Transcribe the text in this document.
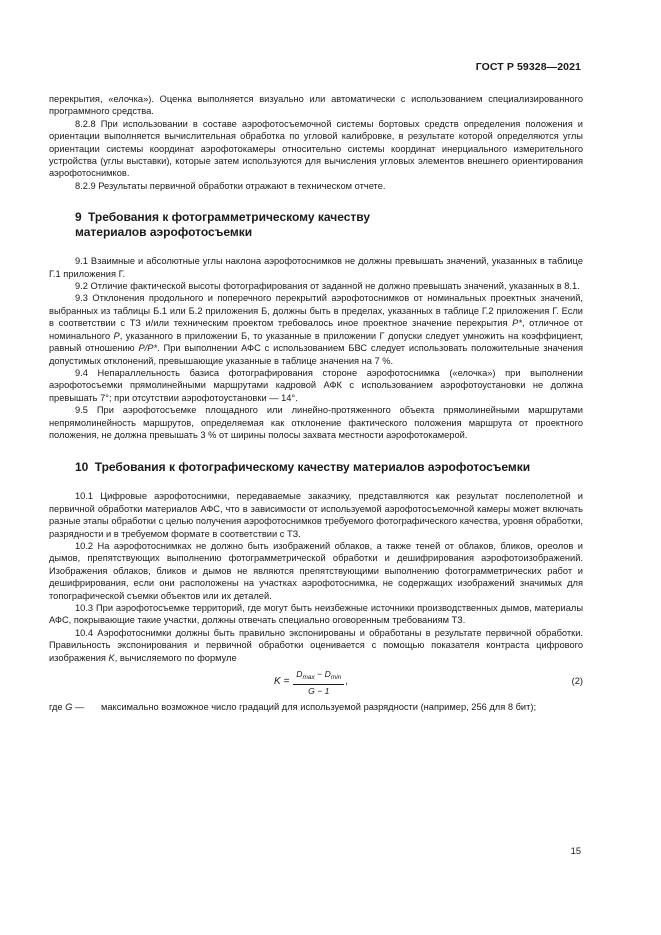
ГОСТ Р 59328—2021

перекрытия, «елочка»). Оценка выполняется визуально или автоматически с использованием специализированного программного средства.

8.2.8 При использовании в составе аэрофотосъемочной системы бортовых средств определения положения и ориентации выполняется вычислительная обработка по угловой калибровке, в результате которой определяются углы ориентации системы координат аэрофотокамеры относительно системы координат инерциального измерительного устройства (углы выставки), которые затем используются для вычисления угловых элементов внешнего ориентирования аэрофотоснимков.

8.2.9 Результаты первичной обработки отражают в техническом отчете.

9 Требования к фотограмметрическому качеству
материалов аэрофотосъемки

9.1 Взаимные и абсолютные углы наклона аэрофотоснимков не должны превышать значений, указанных в таблице Г.1 приложения Г.

9.2 Отличие фактической высоты фотографирования от заданной не должно превышать значений, указанных в 8.1.

9.3 Отклонения продольного и поперечного перекрытий аэрофотоснимков от номинальных проектных значений, выбранных из таблицы Б.1 или Б.2 приложения Б, должны быть в пределах, указанных в таблице Г.2 приложения Г. Если в соответствии с ТЗ и/или техническим проектом требовалось иное проектное значение перекрытия P*, отличное от номинального P, указанного в приложении Б, то указанные в приложении Г допуски следует умножить на коэффициент, равный отношению P/P*. При выполнении АФС с использованием БВС следует использовать положительные значения допустимых отклонений, превышающие указанные в таблице значения на 7 %.

9.4 Непараллельность базиса фотографирования стороне аэрофотоснимка («елочка») при выполнении аэрофотосъемки прямолинейными маршрутами кадровой АФК с использованием аэрофотоустановки не должна превышать 7°; при отсутствии аэрофотоустановки — 14°.

9.5 При аэрофотосъемке площадного или линейно-протяженного объекта прямолинейными маршрутами непрямолинейность маршрутов, определяемая как отклонение фактического положения маршрута от проектного положения, не должна превышать 3 % от ширины полосы захвата местности аэрофотокамерой.

10 Требования к фотографическому качеству материалов аэрофотосъемки

10.1 Цифровые аэрофотоснимки, передаваемые заказчику, представляются как результат послеполетной и первичной обработки материалов АФС, что в зависимости от используемой аэрофотосъемочной камеры может включать разные этапы обработки с целью получения аэрофотоснимков требуемого фотографического качества, уровня обработки, разрядности и в требуемом формате в соответствии с ТЗ.

10.2 На аэрофотоснимках не должно быть изображений облаков, а также теней от облаков, бликов, ореолов и дымов, препятствующих выполнению фотограмметрической обработки и дешифрирования аэрофотоизображений. Изображения облаков, бликов и дымов не являются препятствующими выполнению фотограмметрических работ и дешифрирования, если они расположены на участках аэрофотоснимка, не содержащих изображений значимых для топографической съемки объектов или их деталей.

10.3 При аэрофотосъемке территорий, где могут быть неизбежные источники производственных дымов, материалы АФС, покрывающие такие участки, должны отвечать специально оговоренным требованиям ТЗ.

10.4 Аэрофотоснимки должны быть правильно экспонированы и обработаны в результате первичной обработки. Правильность экспонирования и первичной обработки оценивается с помощью показателя контраста цифрового изображения K, вычисляемого по формуле

$K = \frac{D_{max} - D_{min}}{G - 1}$ ,	(2)
где G —	максимально возможное число градаций для используемой разрядности (например, 256 для 8 бит);
15
